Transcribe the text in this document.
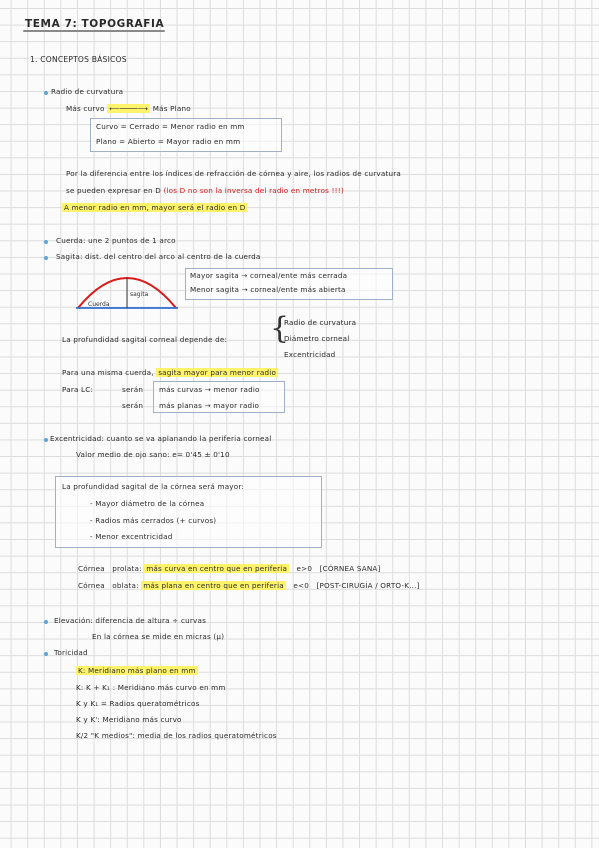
TEMA 7: TOPOGRAFIA
1. CONCEPTOS BÁSICOS
Radio de curvatura
Más curvo ⟵────⟶ Más Plano
Curvo = Cerrado = Menor radio en mm
Plano = Abierto = Mayor radio en mm
Por la diferencia entre los índices de refracción de córnea y aire, los radios de curvatura
se pueden expresar en D (los D no son la inversa del radio en metros !!!)
A menor radio en mm, mayor será el radio en D
Cuerda: une 2 puntos de 1 arco
Sagita: dist. del centro del arco al centro de la cuerda
sagita
Cuerda
Mayor sagita → corneal/ente más cerrada
Menor sagita → corneal/ente más abierta
La profundidad sagital corneal depende de: {
Radio de curvatura
Diámetro corneal
Excentricidad
Para una misma cuerda, sagita mayor para menor radio
Para LC:	serán
serán
más curvas → menor radio
más planas → mayor radio
Excentricidad: cuanto se va aplanando la periferia corneal
Valor medio de ojo sano: e= 0'45 ± 0'10
La profundidad sagital de la córnea será mayor:
- Mayor diámetro de la córnea
- Radios más cerrados (+ curvos)
- Menor excentricidad
Córnea prolata: más curva en centro que en periferia e>0 [CÓRNEA SANA]
Córnea oblata: más plana en centro que en periferia e<0 [POST-CIRUGÍA / ORTO-K...]
Elevación: diferencia de altura ÷ curvas
En la córnea se mide en micras (μ)
Toricidad
K: Meridiano más plano en mm
K: K + K₁ : Meridiano más curvo en mm
K y K₁ = Radios queratométricos
K y K': Meridiano más curvo
K/2 "K medios": media de los radios queratométricos
